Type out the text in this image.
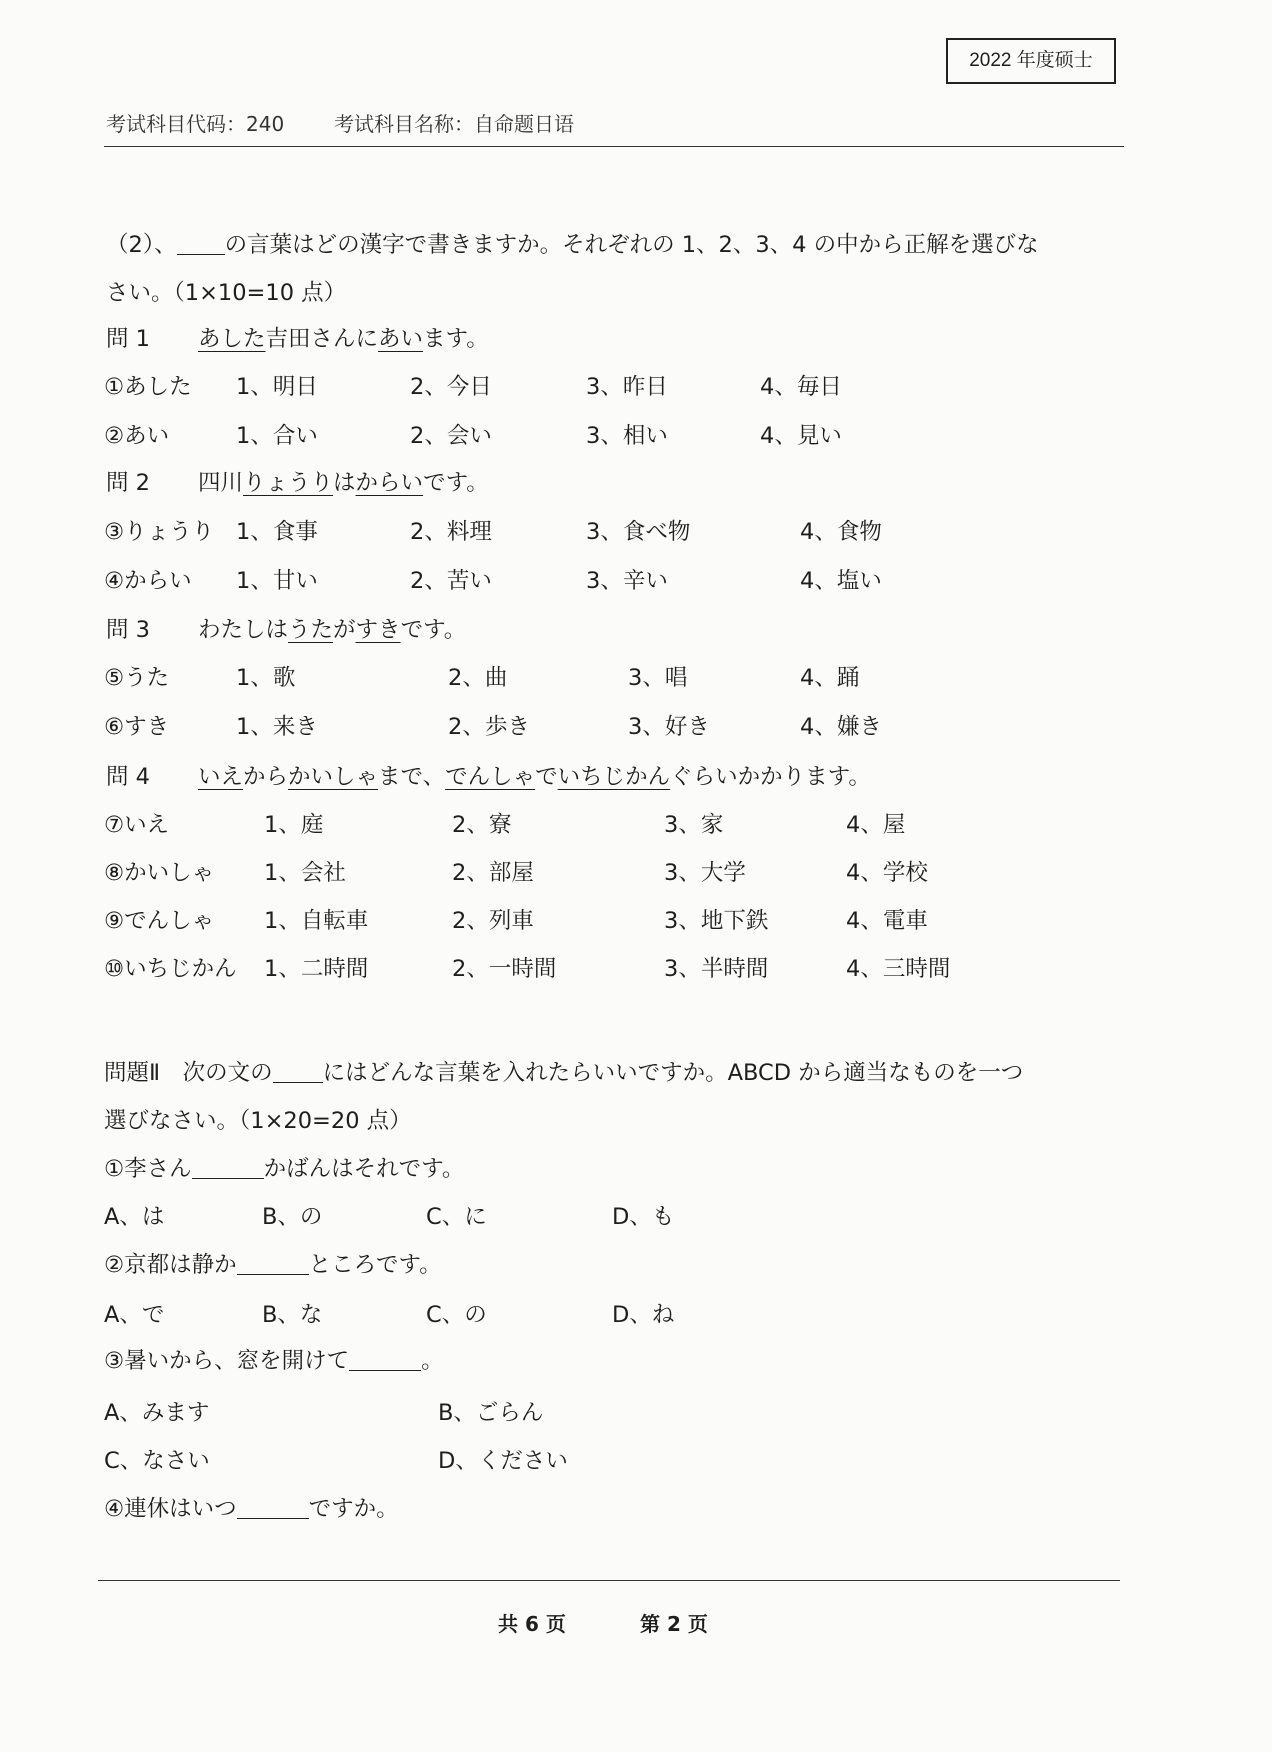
2022 年度硕士
考试科目代码：240 考试科目名称：自命题日语
（2）、 の言葉はどの漢字で書きますか。それぞれの 1、2、3、4 の中から正解を選びな
さい。（1×10=10 点）
問 1 あした吉田さんにあいます。
①あした 1、明日	2、今日	3、昨日	4、毎日
②あい	1、合い	2、会い	3、相い	4、見い
問 2 四川りょうりはからいです。
③りょうり 1、食事	2、料理	3、食べ物	4、食物
④からい 1、甘い	2、苦い	3、辛い	4、塩い
問 3 わたしはうたがすきです。
⑤うた	1、歌	2、曲	3、唱	4、踊
⑥すき	1、来き	2、歩き	3、好き	4、嫌き
問 4 いえからかいしゃまで、でんしゃでいちじかんぐらいかかります。
⑦いえ	1、庭	2、寮	3、家	4、屋
⑧かいしゃ 1、会社	2、部屋	3、大学	4、学校
⑨でんしゃ 1、自転車	2、列車	3、地下鉄	4、電車
⑩いちじかん 1、二時間	2、一時間	3、半時間	4、三時間
問題Ⅱ　次の文の にはどんな言葉を入れたらいいですか。ABCD から適当なものを一つ
選びなさい。（1×20=20 点）
①李さん	かばんはそれです。
A、は	B、の	C、に	D、も
②京都は静か	ところです。
A、で	B、な	C、の	D、ね
③暑いから、窓を開けて	。
A、みます	B、ごらん
C、なさい	D、ください
④連休はいつ	ですか。
共 6 页	第 2 页
